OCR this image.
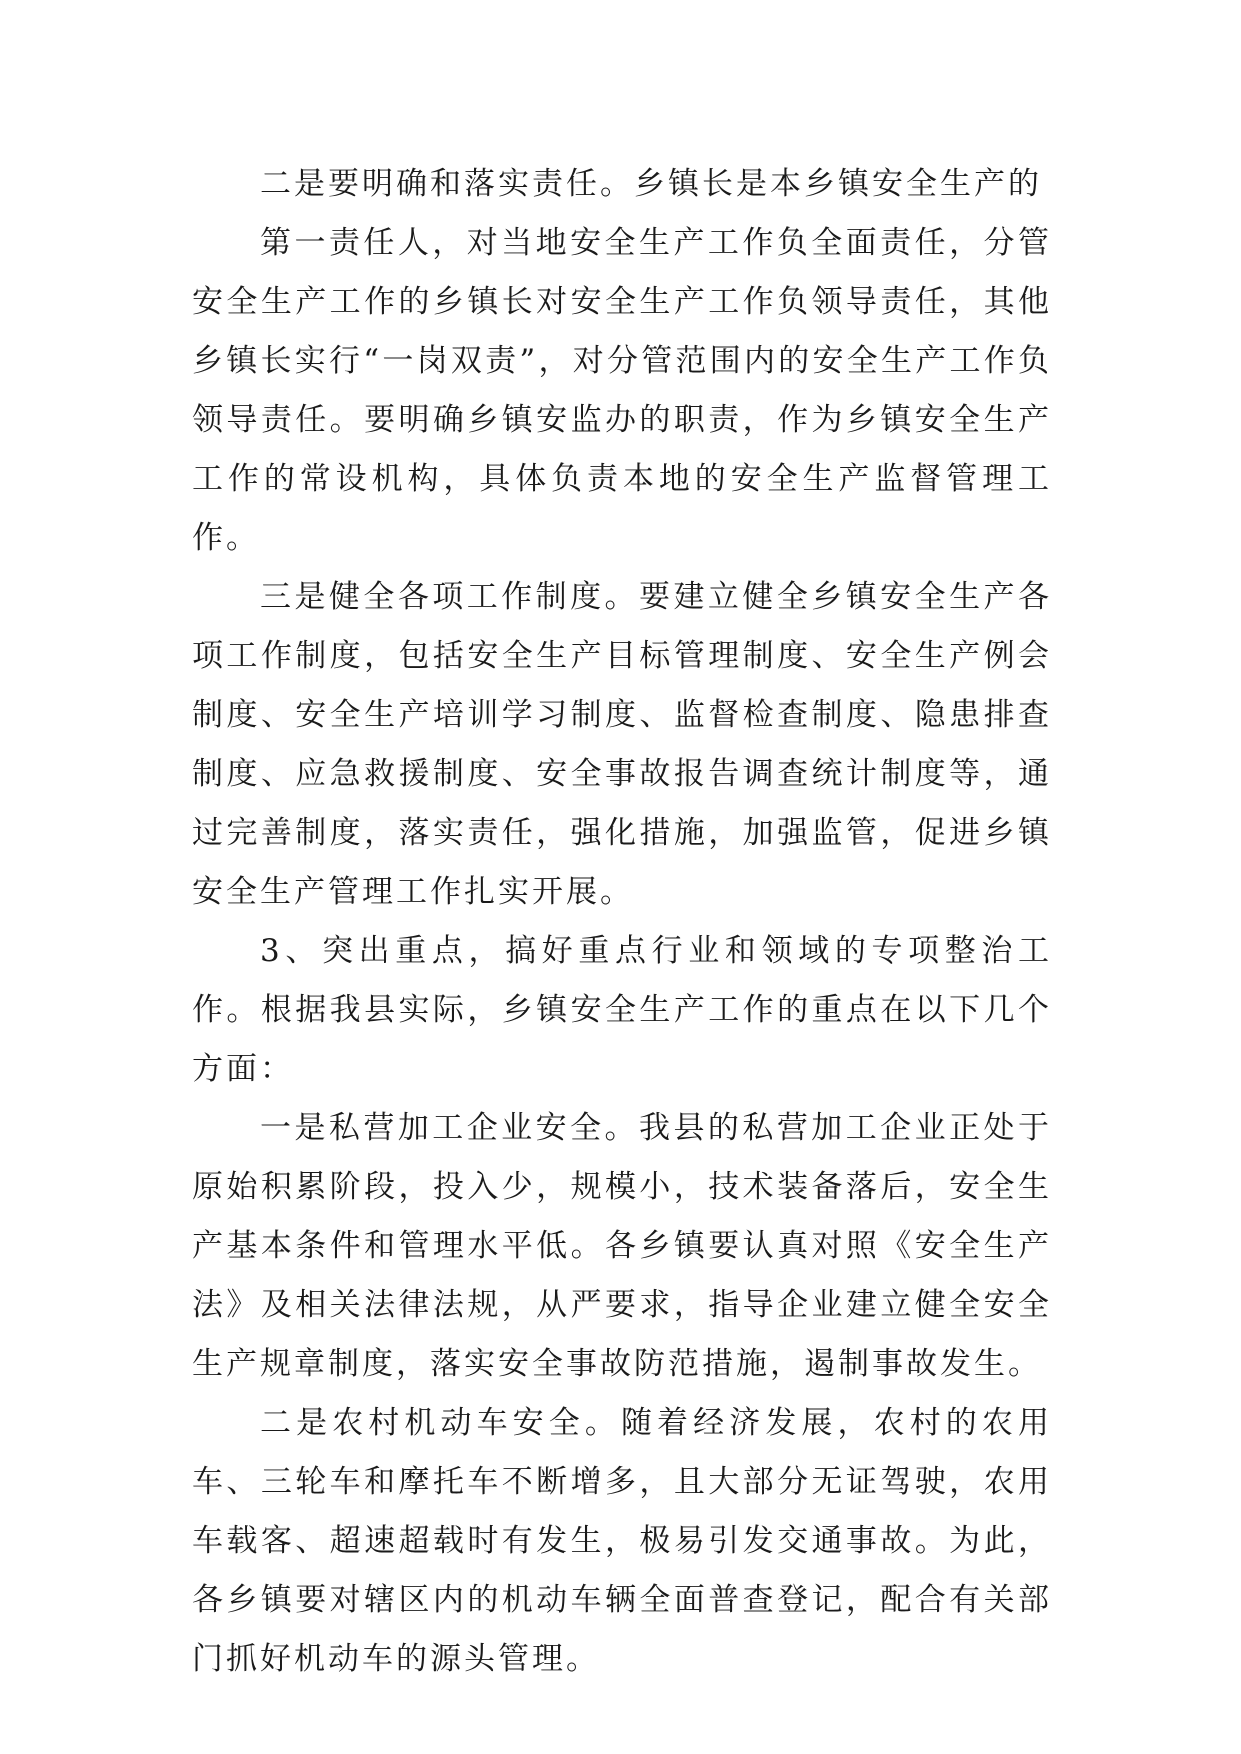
二是要明确和落实责任。乡镇长是本乡镇安全生产的

第一责任人，对当地安全生产工作负全面责任，分管安全生产工作的乡镇长对安全生产工作负领导责任，其他乡镇长实行“一岗双责”，对分管范围内的安全生产工作负领导责任。要明确乡镇安监办的职责，作为乡镇安全生产工作的常设机构，具体负责本地的安全生产监督管理工作。

三是健全各项工作制度。要建立健全乡镇安全生产各项工作制度，包括安全生产目标管理制度、安全生产例会制度、安全生产培训学习制度、监督检查制度、隐患排查制度、应急救援制度、安全事故报告调查统计制度等，通过完善制度，落实责任，强化措施，加强监管，促进乡镇安全生产管理工作扎实开展。

3、突出重点，搞好重点行业和领域的专项整治工作。根据我县实际，乡镇安全生产工作的重点在以下几个方面：

一是私营加工企业安全。我县的私营加工企业正处于原始积累阶段，投入少，规模小，技术装备落后，安全生产基本条件和管理水平低。各乡镇要认真对照《安全生产法》及相关法律法规，从严要求，指导企业建立健全安全生产规章制度，落实安全事故防范措施，遏制事故发生。

二是农村机动车安全。随着经济发展，农村的农用车、三轮车和摩托车不断增多，且大部分无证驾驶，农用车载客、超速超载时有发生，极易引发交通事故。为此，各乡镇要对辖区内的机动车辆全面普查登记，配合有关部门抓好机动车的源头管理。
